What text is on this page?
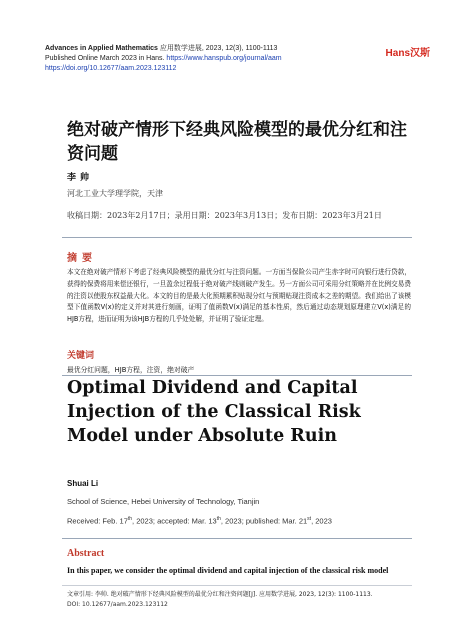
Advances in Applied Mathematics 应用数学进展, 2023, 12(3), 1100-1113
Published Online March 2023 in Hans. https://www.hanspub.org/journal/aam
https://doi.org/10.12677/aam.2023.123112
Hans汉斯
绝对破产情形下经典风险模型的最优分红和注资问题
李帅
河北工业大学理学院，天津
收稿日期：2023年2月17日；录用日期：2023年3月13日；发布日期：2023年3月21日
摘要
本文在绝对破产情形下考虑了经典风险模型的最优分红与注资问题。一方面当保险公司产生赤字时可向银行进行贷款，获得的保费将用来偿还银行，一旦盈余过程低于绝对破产线则破产发生。另一方面公司可采用分红策略并在比例交易费的注资以使股东权益最大化。本文的目的是最大化预期累积贴现分红与预期贴现注资成本之差的期望。我们给出了该模型下值函数V(x)的定义并对其进行刻画，证明了值函数V(x)满足的基本性质，然后通过动态规划原理建立V(x)满足的HJB方程，进而证明为该HJB方程的几乎处处解，并证明了验证定理。
关键词
最优分红问题，HJB方程，注资，绝对破产
Optimal Dividend and Capital Injection of the Classical Risk Model under Absolute Ruin
Shuai Li
School of Science, Hebei University of Technology, Tianjin
Received: Feb. 17th, 2023; accepted: Mar. 13th, 2023; published: Mar. 21st, 2023
Abstract
In this paper, we consider the optimal dividend and capital injection of the classical risk model
文章引用: 李帅. 绝对破产情形下经典风险模型的最优分红和注资问题[J]. 应用数学进展, 2023, 12(3): 1100-1113.
DOI: 10.12677/aam.2023.123112
